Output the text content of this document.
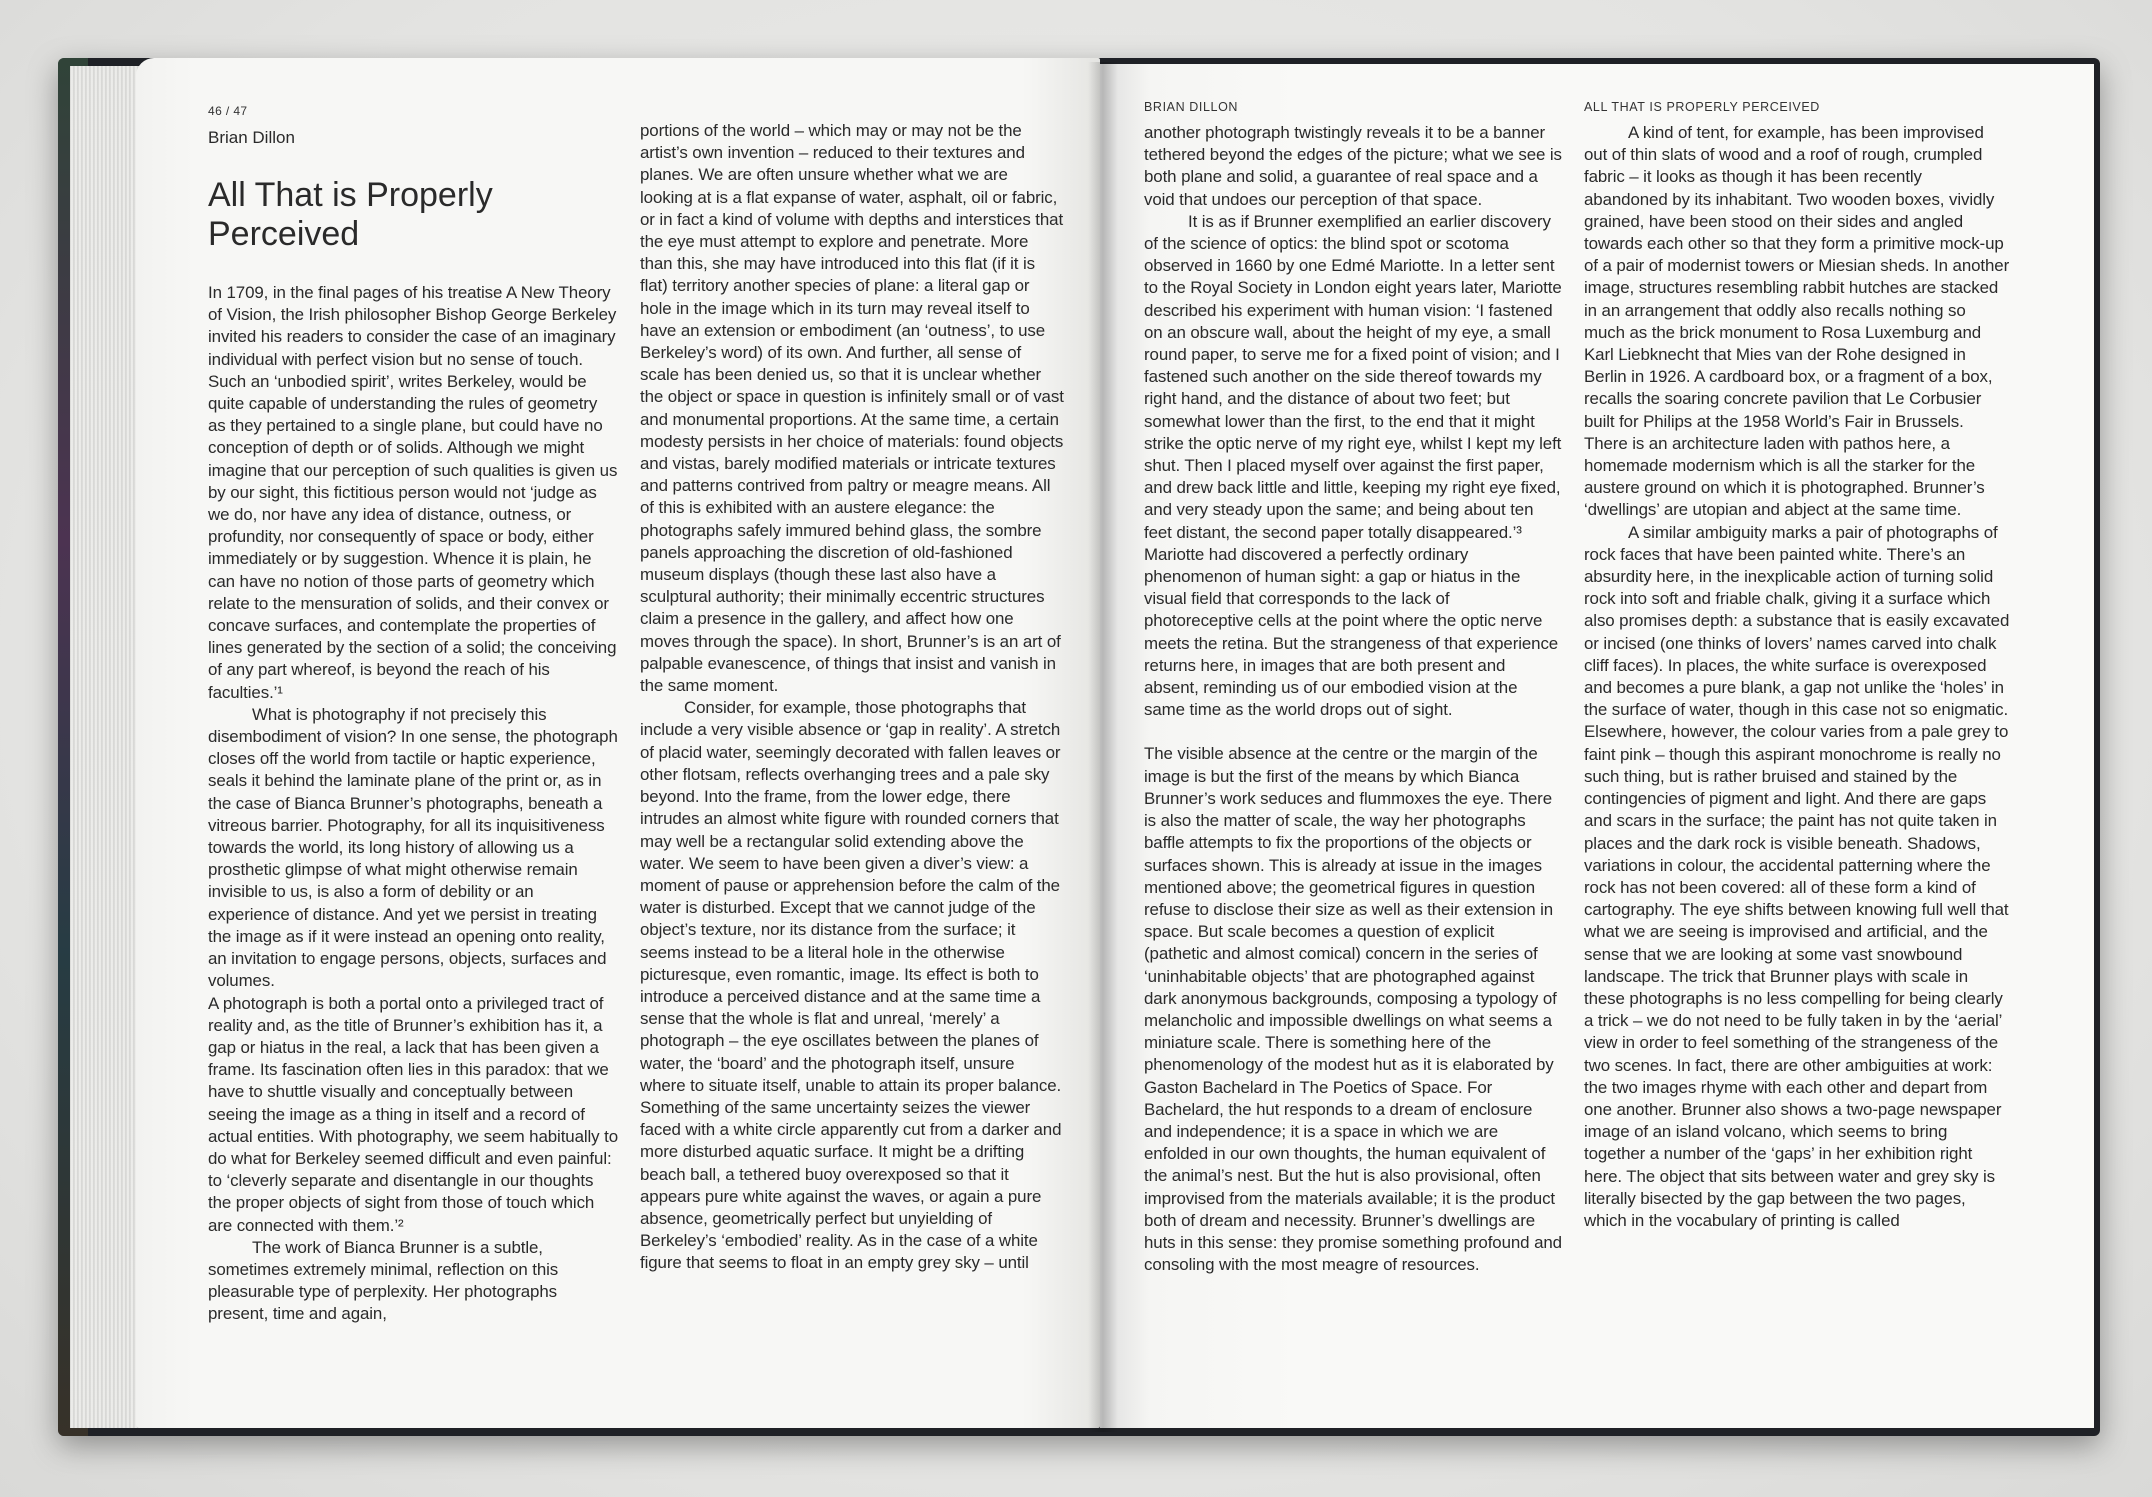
46 / 47
Brian Dillon
All That is Properly
Perceived

In 1709, in the final pages of his treatise A New Theory of Vision, the Irish philosopher Bishop George Berkeley invited his readers to consider the case of an imaginary individual with perfect vision but no sense of touch. Such an ‘unbodied spirit’, writes Berkeley, would be quite capable of understanding the rules of geometry as they pertained to a single plane, but could have no conception of depth or of solids. Although we might imagine that our perception of such qualities is given us by our sight, this fictitious person would not ‘judge as we do, nor have any idea of distance, outness, or profundity, nor consequently of space or body, either immediately or by suggestion. Whence it is plain, he can have no notion of those parts of geometry which relate to the mensuration of solids, and their convex or concave surfaces, and contemplate the properties of lines generated by the section of a solid; the conceiving of any part whereof, is beyond the reach of his faculties.’¹

What is photography if not precisely this disembodiment of vision? In one sense, the photograph closes off the world from tactile or haptic experience, seals it behind the laminate plane of the print or, as in the case of Bianca Brunner’s photographs, beneath a vitreous barrier. Photography, for all its inquisitiveness towards the world, its long history of allowing us a prosthetic glimpse of what might otherwise remain invisible to us, is also a form of debility or an experience of distance. And yet we persist in treating the image as if it were instead an opening onto reality, an invitation to engage persons, objects, surfaces and volumes.

A photograph is both a portal onto a privileged tract of reality and, as the title of Brunner’s exhibition has it, a gap or hiatus in the real, a lack that has been given a frame. Its fascination often lies in this paradox: that we have to shuttle visually and conceptually between seeing the image as a thing in itself and a record of actual entities. With photography, we seem habitually to do what for Berkeley seemed difficult and even painful: to ‘cleverly separate and disentangle in our thoughts the proper objects of sight from those of touch which are connected with them.’²

The work of Bianca Brunner is a subtle, sometimes extremely minimal, reflection on this pleasurable type of perplexity. Her photographs present, time and again,

portions of the world – which may or may not be the artist’s own invention – reduced to their textures and planes. We are often unsure whether what we are looking at is a flat expanse of water, asphalt, oil or fabric, or in fact a kind of volume with depths and interstices that the eye must attempt to explore and penetrate. More than this, she may have introduced into this flat (if it is flat) territory another species of plane: a literal gap or hole in the image which in its turn may reveal itself to have an extension or embodiment (an ‘outness’, to use Berkeley’s word) of its own. And further, all sense of scale has been denied us, so that it is unclear whether the object or space in question is infinitely small or of vast and monumental proportions. At the same time, a certain modesty persists in her choice of materials: found objects and vistas, barely modified materials or intricate textures and patterns contrived from paltry or meagre means. All of this is exhibited with an austere elegance: the photographs safely immured behind glass, the sombre panels approaching the discretion of old-fashioned museum displays (though these last also have a sculptural authority; their minimally eccentric structures claim a presence in the gallery, and affect how one moves through the space). In short, Brunner’s is an art of palpable evanescence, of things that insist and vanish in the same moment.

Consider, for example, those photographs that include a very visible absence or ‘gap in reality’. A stretch of placid water, seemingly decorated with fallen leaves or other flotsam, reflects overhanging trees and a pale sky beyond. Into the frame, from the lower edge, there intrudes an almost white figure with rounded corners that may well be a rectangular solid extending above the water. We seem to have been given a diver’s view: a moment of pause or apprehension before the calm of the water is disturbed. Except that we cannot judge of the object’s texture, nor its distance from the surface; it seems instead to be a literal hole in the otherwise picturesque, even romantic, image. Its effect is both to introduce a perceived distance and at the same time a sense that the whole is flat and unreal, ‘merely’ a photograph – the eye oscillates between the planes of water, the ‘board’ and the photograph itself, unsure where to situate itself, unable to attain its proper balance. Something of the same uncertainty seizes the viewer faced with a white circle apparently cut from a darker and more disturbed aquatic surface. It might be a drifting beach ball, a tethered buoy overexposed so that it appears pure white against the waves, or again a pure absence, geometrically perfect but unyielding of Berkeley’s ‘embodied’ reality. As in the case of a white figure that seems to float in an empty grey sky – until

BRIAN DILLON	ALL THAT IS PROPERLY PERCEIVED

another photograph twistingly reveals it to be a banner tethered beyond the edges of the picture; what we see is both plane and solid, a guarantee of real space and a void that undoes our perception of that space.

It is as if Brunner exemplified an earlier discovery of the science of optics: the blind spot or scotoma observed in 1660 by one Edmé Mariotte. In a letter sent to the Royal Society in London eight years later, Mariotte described his experiment with human vision: ‘I fastened on an obscure wall, about the height of my eye, a small round paper, to serve me for a fixed point of vision; and I fastened such another on the side thereof towards my right hand, and the distance of about two feet; but somewhat lower than the first, to the end that it might strike the optic nerve of my right eye, whilst I kept my left shut. Then I placed myself over against the first paper, and drew back little and little, keeping my right eye fixed, and very steady upon the same; and being about ten feet distant, the second paper totally disappeared.’³ Mariotte had discovered a perfectly ordinary phenomenon of human sight: a gap or hiatus in the visual field that corresponds to the lack of photoreceptive cells at the point where the optic nerve meets the retina. But the strangeness of that experience returns here, in images that are both present and absent, reminding us of our embodied vision at the same time as the world drops out of sight.

The visible absence at the centre or the margin of the image is but the first of the means by which Bianca Brunner’s work seduces and flummoxes the eye. There is also the matter of scale, the way her photographs baffle attempts to fix the proportions of the objects or surfaces shown. This is already at issue in the images mentioned above; the geometrical figures in question refuse to disclose their size as well as their extension in space. But scale becomes a question of explicit (pathetic and almost comical) concern in the series of ‘uninhabitable objects’ that are photographed against dark anonymous backgrounds, composing a typology of melancholic and impossible dwellings on what seems a miniature scale. There is something here of the phenomenology of the modest hut as it is elaborated by Gaston Bachelard in The Poetics of Space. For Bachelard, the hut responds to a dream of enclosure and independence; it is a space in which we are enfolded in our own thoughts, the human equivalent of the animal’s nest. But the hut is also provisional, often improvised from the materials available; it is the product both of dream and necessity. Brunner’s dwellings are huts in this sense: they promise something profound and consoling with the most meagre of resources.

A kind of tent, for example, has been improvised out of thin slats of wood and a roof of rough, crumpled fabric – it looks as though it has been recently abandoned by its inhabitant. Two wooden boxes, vividly grained, have been stood on their sides and angled towards each other so that they form a primitive mock-up of a pair of modernist towers or Miesian sheds. In another image, structures resembling rabbit hutches are stacked in an arrangement that oddly also recalls nothing so much as the brick monument to Rosa Luxemburg and Karl Liebknecht that Mies van der Rohe designed in Berlin in 1926. A cardboard box, or a fragment of a box, recalls the soaring concrete pavilion that Le Corbusier built for Philips at the 1958 World’s Fair in Brussels. There is an architecture laden with pathos here, a homemade modernism which is all the starker for the austere ground on which it is photographed. Brunner’s ‘dwellings’ are utopian and abject at the same time.

A similar ambiguity marks a pair of photographs of rock faces that have been painted white. There’s an absurdity here, in the inexplicable action of turning solid rock into soft and friable chalk, giving it a surface which also promises depth: a substance that is easily excavated or incised (one thinks of lovers’ names carved into chalk cliff faces). In places, the white surface is overexposed and becomes a pure blank, a gap not unlike the ‘holes’ in the surface of water, though in this case not so enigmatic. Elsewhere, however, the colour varies from a pale grey to faint pink – though this aspirant monochrome is really no such thing, but is rather bruised and stained by the contingencies of pigment and light. And there are gaps and scars in the surface; the paint has not quite taken in places and the dark rock is visible beneath. Shadows, variations in colour, the accidental patterning where the rock has not been covered: all of these form a kind of cartography. The eye shifts between knowing full well that what we are seeing is improvised and artificial, and the sense that we are looking at some vast snowbound landscape. The trick that Brunner plays with scale in these photographs is no less compelling for being clearly a trick – we do not need to be fully taken in by the ‘aerial’ view in order to feel something of the strangeness of the two scenes. In fact, there are other ambiguities at work: the two images rhyme with each other and depart from one another. Brunner also shows a two-page newspaper image of an island volcano, which seems to bring together a number of the ‘gaps’ in her exhibition right here. The object that sits between water and grey sky is literally bisected by the gap between the two pages, which in the vocabulary of printing is called
